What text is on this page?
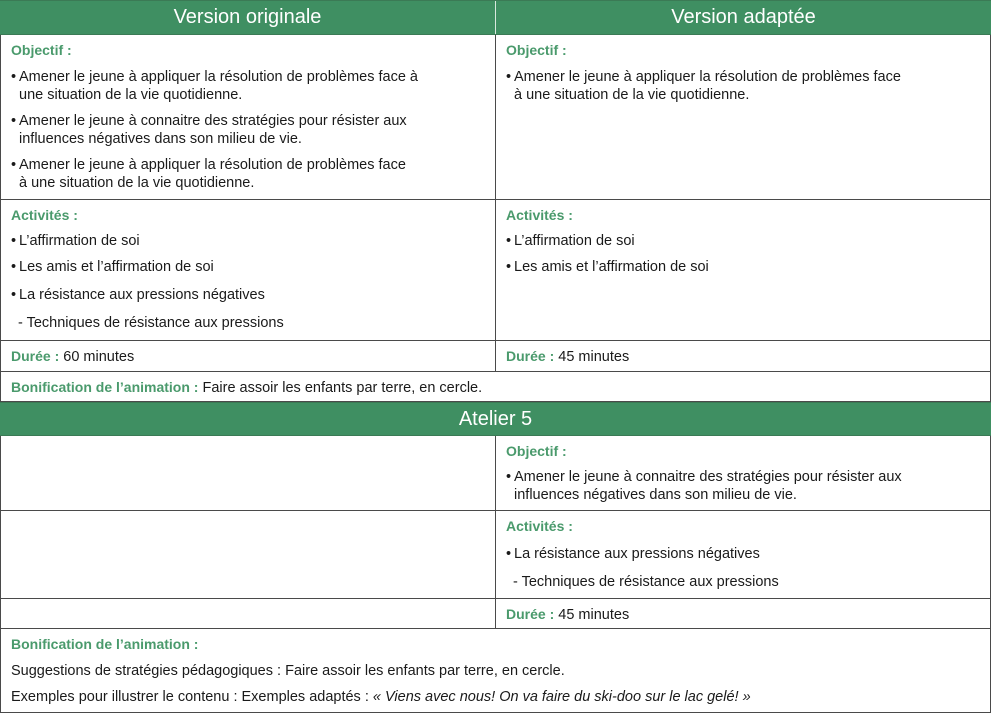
Version originale	Version adaptée
Objectif :
• Amener le jeune à appliquer la résolution de problèmes face à une situation de la vie quotidienne.
• Amener le jeune à connaitre des stratégies pour résister aux influences négatives dans son milieu de vie.
• Amener le jeune à appliquer la résolution de problèmes face à une situation de la vie quotidienne.
Objectif :
• Amener le jeune à appliquer la résolution de problèmes face à une situation de la vie quotidienne.
Activités :
• L’affirmation de soi
• Les amis et l’affirmation de soi
• La résistance aux pressions négatives
- Techniques de résistance aux pressions
Activités :
• L’affirmation de soi
• Les amis et l’affirmation de soi
Durée : 60 minutes	Durée : 45 minutes
Bonification de l’animation : Faire assoir les enfants par terre, en cercle.
Atelier 5
Objectif :
• Amener le jeune à connaitre des stratégies pour résister aux influences négatives dans son milieu de vie.
Activités :
• La résistance aux pressions négatives
- Techniques de résistance aux pressions
Durée : 45 minutes
Bonification de l’animation :
Suggestions de stratégies pédagogiques : Faire assoir les enfants par terre, en cercle.
Exemples pour illustrer le contenu : Exemples adaptés : « Viens avec nous! On va faire du ski-doo sur le lac gelé! »
